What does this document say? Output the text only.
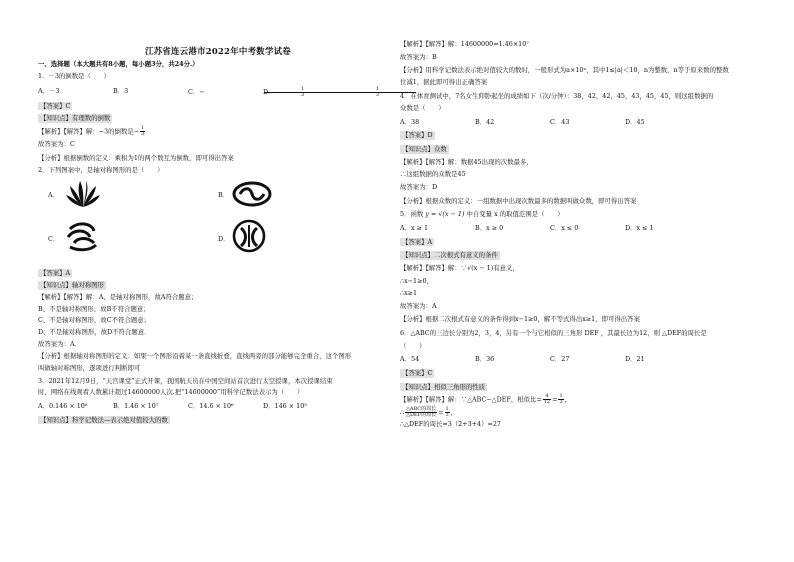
江苏省连云港市2022年中考数学试卷
一、选择题（本大题共有8小题，每小题3分，共24分.）
1．－3的倒数是（　　）
A．－3	B．3	C．−	$\frac{1}{3}$
D．	$\frac{1}{3}$
【答案】C
【知识点】有理数的倒数
【解析】【解答】解：−3的倒数是− $\frac{1}{3}$
故答案为：C
【分析】根据倒数的定义：乘积为1的两个数互为倒数，即可得出答案
2．下列图案中，是轴对称图形的是（　　）
A．	B．
C．	D．
【答案】A
【知识点】轴对称图形
【解析】【解答】解：A、是轴对称图形，故A符合题意；
B、不是轴对称图形，故B不符合题意；
C、不是轴对称图形，故C不符合题意；
D、不是轴对称图形，故D不符合题意．
故答案为：A．
【分析】根据轴对称图形的定义：如果一个图形沿着某一条直线折叠，直线两旁的部分能够完全重合，这个图形
叫做轴对称图形，逐项进行判断即可
3．2021年12月9日，“天宫课堂”正式开课，我国航天员在中国空间站首次进行太空授课，本次授课结束
时，网络在线观看人数累计超过14600000人次.把“14600000”用科学记数法表示为（　　）
A．0.146 × 10⁸	B．1.46 × 10⁷	C．14.6 × 10⁶	D．146 × 10⁵
【知识点】科学记数法—表示绝对值较大的数
【解析】【解答】解：14600000=1.46×10⁷
故答案为：B
【分析】用科学记数法表示绝对值较大的数时，一般形式为a×10ⁿ，其中1≤|a|＜10，n为整数，n等于原来数的整数
位减1，据此即可得出正确答案
4．在体育测试中，7名女生仰卧起坐的成绩如下（次/分钟）：38，42，42，45，43，45，45，则这组数据的
众数是（　　）
A．38	B．42	C．43	D．45
【答案】D
【知识点】众数
【解析】【解答】解：数据45出现的次数最多，
∴这组数据的众数是45
故答案为：D
【分析】根据众数的定义：一组数据中出现次数最多的数据叫做众数，即可得出答案
5．函数 y = √(x − 1) 中自变量 x 的取值范围是（　　）
A．x ≥ 1	B．x ≥ 0	C．x ≤ 0	D．x ≤ 1
【答案】A
【知识点】二次根式有意义的条件
【解析】【解答】解：∵√(x − 1)有意义，
∴x−1≥0，
∴x≥1
故答案为：A
【分析】根据二次根式有意义的条件得到x−1≥0，解不等式得出x≥1，即可得出答案
6．△ABC的三边长分别为2，3，4，另有一个与它相似的三角形 DEF ，其最长边为12，则 △DEF的周长是
（　　）
A．54	B．36	C．27	D．21
【答案】C
【知识点】相似三角形的性质
【解析】【解答】解：∵△ABC∽△DEF，相似比= $\frac{4}{12} = \frac{1}{3}$ ，
∴ $\frac{\text{△ABC的周长}}{\text{△DEF的周长}} = \frac{1}{3}$ ，
∴△DEF的周长=3（2+3+4）=27
